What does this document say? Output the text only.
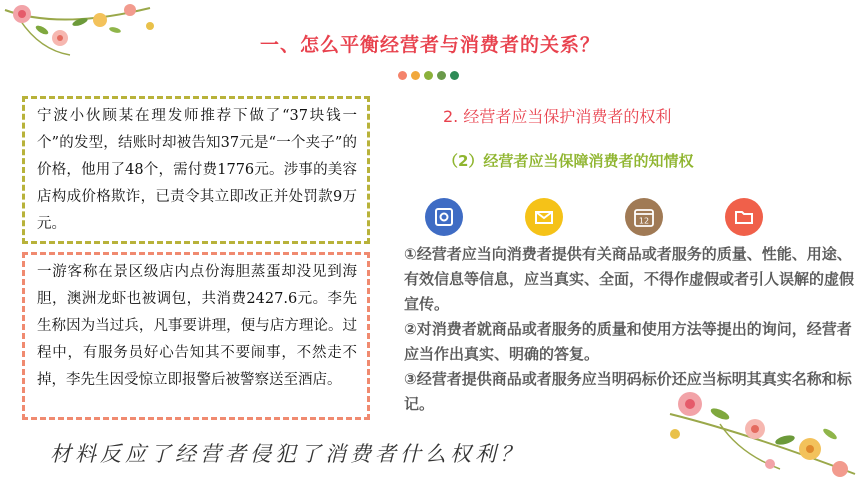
一、怎么平衡经营者与消费者的关系？
宁波小伙顾某在理发师推荐下做了“37块钱一个”的发型，结账时却被告知37元是“一个夹子”的价格，他用了48个，需付费1776元。涉事的美容店构成价格欺诈，已责令其立即改正并处罚款9万元。
一游客称在景区级店内点份海胆蒸蛋却没见到海胆，澳洲龙虾也被调包，共消费2427.6元。李先生称因为当过兵，凡事要讲理，便与店方理论。过程中，有服务员好心告知其不要闹事，不然走不掉，李先生因受惊立即报警后被警察送至酒店。
2. 经营者应当保护消费者的权利
（2）经营者应当保障消费者的知情权
12

①经营者应当向消费者提供有关商品或者服务的质量、性能、用途、有效信息等信息，应当真实、全面，不得作虚假或者引人误解的虚假宣传。

②对消费者就商品或者服务的质量和使用方法等提出的询问，经营者应当作出真实、明确的答复。

③经营者提供商品或者服务应当明码标价还应当标明其真实名称和标记。

材料反应了经营者侵犯了消费者什么权利？
